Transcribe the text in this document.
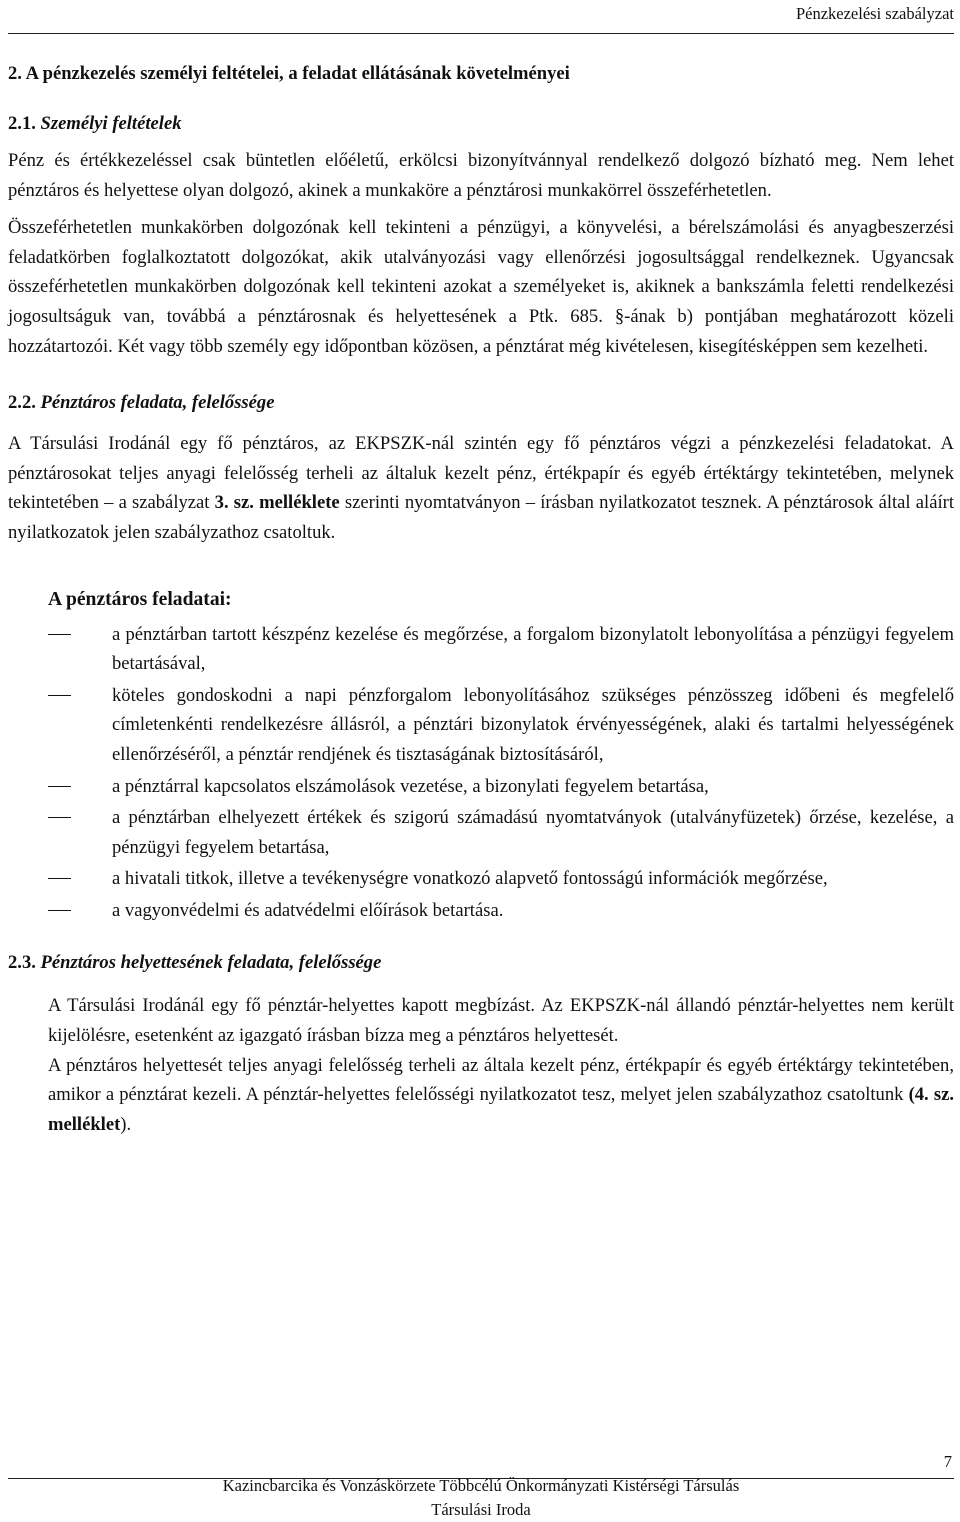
Pénzkezelési szabályzat
2. A pénzkezelés személyi feltételei, a feladat ellátásának követelményei
2.1. Személyi feltételek

Pénz és értékkezeléssel csak büntetlen előéletű, erkölcsi bizonyítvánnyal rendelkező dolgozó bízható meg. Nem lehet pénztáros és helyettese olyan dolgozó, akinek a munkaköre a pénztárosi munkakörrel összeférhetetlen.

Összeférhetetlen munkakörben dolgozónak kell tekinteni a pénzügyi, a könyvelési, a bérelszámolási és anyagbeszerzési feladatkörben foglalkoztatott dolgozókat, akik utalványozási vagy ellenőrzési jogosultsággal rendelkeznek. Ugyancsak összeférhetetlen munkakörben dolgozónak kell tekinteni azokat a személyeket is, akiknek a bankszámla feletti rendelkezési jogosultságuk van, továbbá a pénztárosnak és helyettesének a Ptk. 685. §-ának b) pontjában meghatározott közeli hozzátartozói. Két vagy több személy egy időpontban közösen, a pénztárat még kivételesen, kisegítésképpen sem kezelheti.

2.2. Pénztáros feladata, felelőssége

A Társulási Irodánál egy fő pénztáros, az EKPSZK-nál szintén egy fő pénztáros végzi a pénzkezelési feladatokat. A pénztárosokat teljes anyagi felelősség terheli az általuk kezelt pénz, értékpapír és egyéb értéktárgy tekintetében, melynek tekintetében – a szabályzat 3. sz. melléklete szerinti nyomtatványon – írásban nyilatkozatot tesznek. A pénztárosok által aláírt nyilatkozatok jelen szabályzathoz csatoltuk.

A pénztáros feladatai:
a pénztárban tartott készpénz kezelése és megőrzése, a forgalom bizonylatolt lebonyolítása a pénzügyi fegyelem betartásával,
köteles gondoskodni a napi pénzforgalom lebonyolításához szükséges pénzösszeg időbeni és megfelelő címletenkénti rendelkezésre állásról, a pénztári bizonylatok érvényességének, alaki és tartalmi helyességének ellenőrzéséről, a pénztár rendjének és tisztaságának biztosításáról,
a pénztárral kapcsolatos elszámolások vezetése, a bizonylati fegyelem betartása,
a pénztárban elhelyezett értékek és szigorú számadású nyomtatványok (utalványfüzetek) őrzése, kezelése, a pénzügyi fegyelem betartása,
a hivatali titkok, illetve a tevékenységre vonatkozó alapvető fontosságú információk megőrzése,
a vagyonvédelmi és adatvédelmi előírások betartása.
2.3. Pénztáros helyettesének feladata, felelőssége

A Társulási Irodánál egy fő pénztár-helyettes kapott megbízást. Az EKPSZK-nál állandó pénztár-helyettes nem került kijelölésre, esetenként az igazgató írásban bízza meg a pénztáros helyettesét.

A pénztáros helyettesét teljes anyagi felelősség terheli az általa kezelt pénz, értékpapír és egyéb értéktárgy tekintetében, amikor a pénztárat kezeli. A pénztár-helyettes felelősségi nyilatkozatot tesz, melyet jelen szabályzathoz csatoltunk (4. sz. melléklet).

7
Kazincbarcika és Vonzáskörzete Többcélú Önkormányzati Kistérségi Társulás
Társulási Iroda
